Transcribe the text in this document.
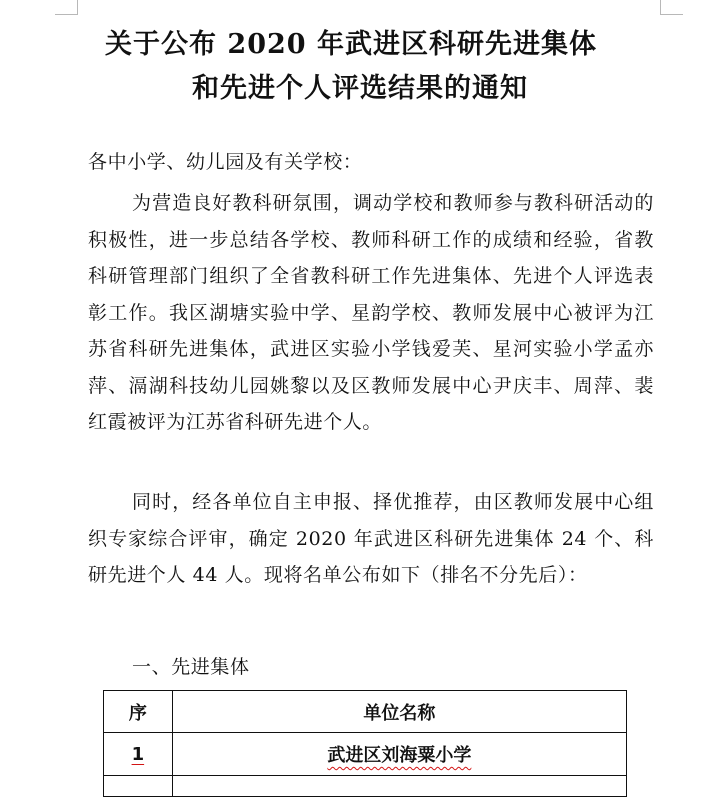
关于公布 2020 年武进区科研先进集体
和先进个人评选结果的通知
各中小学、幼儿园及有关学校：
为营造良好教科研氛围，调动学校和教师参与教科研活动的积极性，进一步总结各学校、教师科研工作的成绩和经验，省教科研管理部门组织了全省教科研工作先进集体、先进个人评选表彰工作。我区湖塘实验中学、星韵学校、教师发展中心被评为江苏省科研先进集体，武进区实验小学钱爱芙、星河实验小学孟亦萍、滆湖科技幼儿园姚黎以及区教师发展中心尹庆丰、周萍、裴红霞被评为江苏省科研先进个人。
同时，经各单位自主申报、择优推荐，由区教师发展中心组织专家综合评审，确定 2020 年武进区科研先进集体 24 个、科研先进个人 44 人。现将名单公布如下（排名不分先后）：
一、先进集体
序	单位名称
1	武进区刘海粟小学
